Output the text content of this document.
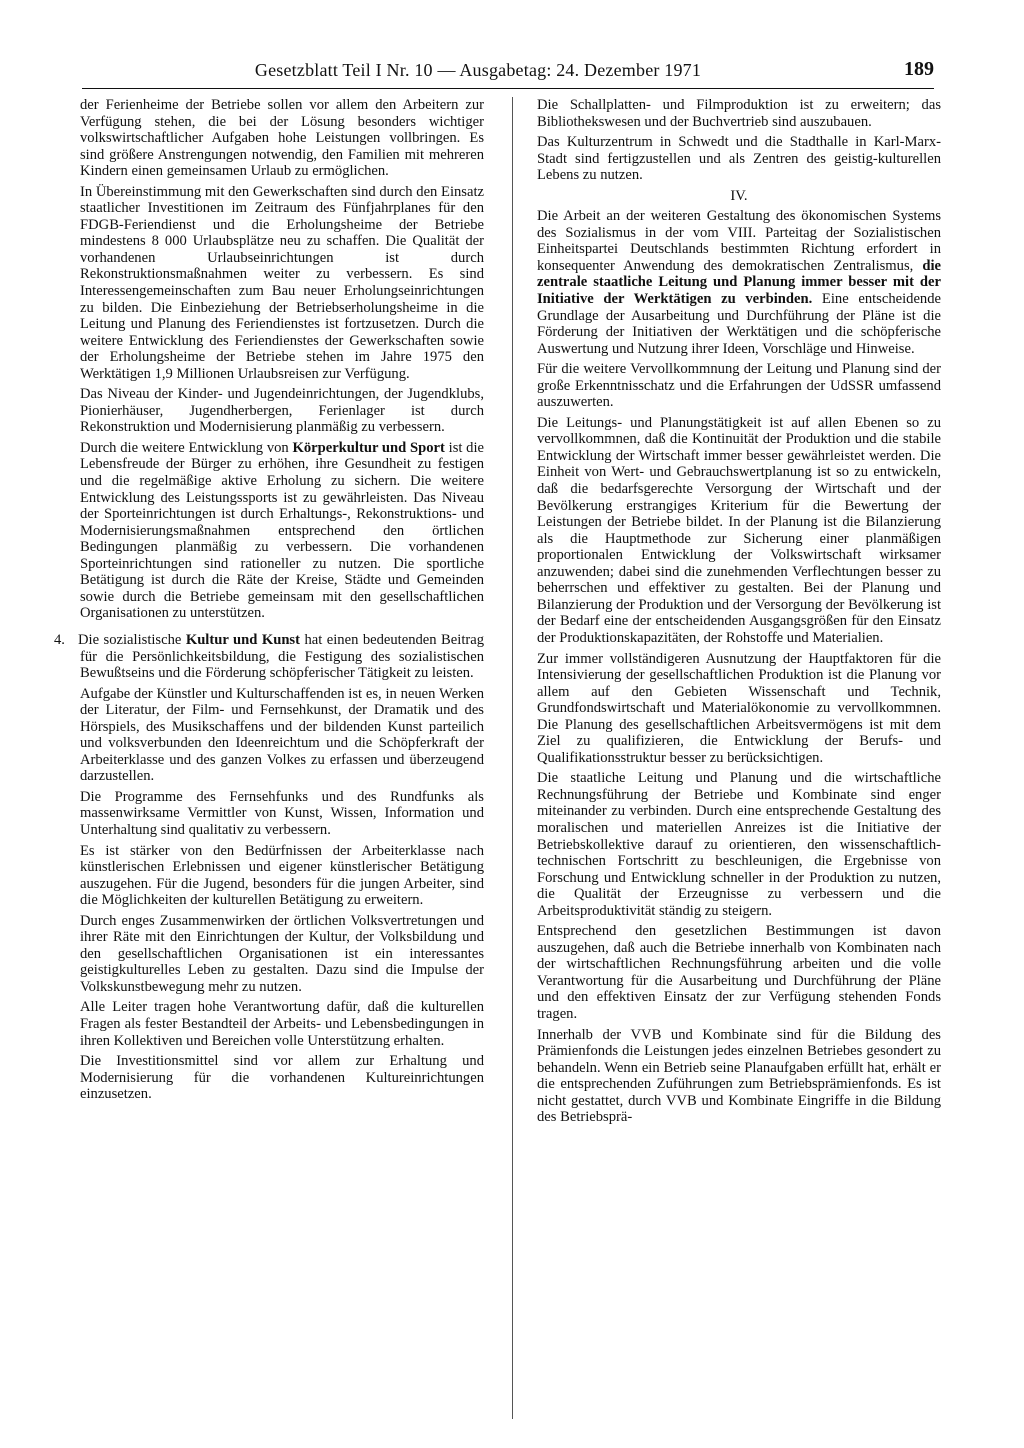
Gesetzblatt Teil I Nr. 10 — Ausgabetag: 24. Dezember 1971	189

der Ferienheime der Betriebe sollen vor allem den Arbeitern zur Verfügung stehen, die bei der Lösung besonders wichtiger volkswirtschaftlicher Aufgaben hohe Leistungen vollbringen. Es sind größere Anstrengungen notwendig, den Familien mit mehreren Kindern einen gemeinsamen Urlaub zu ermöglichen.

In Übereinstimmung mit den Gewerkschaften sind durch den Einsatz staatlicher Investitionen im Zeitraum des Fünfjahrplanes für den FDGB-Feriendienst und die Erholungsheime der Betriebe mindestens 8 000 Urlaubsplätze neu zu schaffen. Die Qualität der vorhandenen Urlaubseinrichtungen ist durch Rekonstruktionsmaßnahmen weiter zu verbessern. Es sind Interessengemeinschaften zum Bau neuer Erholungseinrichtungen zu bilden. Die Einbeziehung der Betriebserholungsheime in die Leitung und Planung des Feriendienstes ist fortzusetzen. Durch die weitere Entwicklung des Feriendienstes der Gewerkschaften sowie der Erholungsheime der Betriebe stehen im Jahre 1975 den Werktätigen 1,9 Millionen Urlaubsreisen zur Verfügung.

Das Niveau der Kinder- und Jugendeinrichtungen, der Jugendklubs, Pionierhäuser, Jugendherbergen, Ferienlager ist durch Rekonstruktion und Modernisierung planmäßig zu verbessern.

Durch die weitere Entwicklung von Körperkultur und Sport ist die Lebensfreude der Bürger zu erhöhen, ihre Gesundheit zu festigen und die regelmäßige aktive Erholung zu sichern. Die weitere Entwicklung des Leistungssports ist zu gewährleisten. Das Niveau der Sporteinrichtungen ist durch Erhaltungs-, Rekonstruktions- und Modernisierungsmaßnahmen entsprechend den örtlichen Bedingungen planmäßig zu verbessern. Die vorhandenen Sporteinrichtungen sind rationeller zu nutzen. Die sportliche Betätigung ist durch die Räte der Kreise, Städte und Gemeinden sowie durch die Betriebe gemeinsam mit den gesellschaftlichen Organisationen zu unterstützen.

4. Die sozialistische Kultur und Kunst hat einen bedeutenden Beitrag für die Persönlichkeitsbildung, die Festigung des sozialistischen Bewußtseins und die Förderung schöpferischer Tätigkeit zu leisten.

Aufgabe der Künstler und Kulturschaffenden ist es, in neuen Werken der Literatur, der Film- und Fernsehkunst, der Dramatik und des Hörspiels, des Musikschaffens und der bildenden Kunst parteilich und volksverbunden den Ideenreichtum und die Schöpferkraft der Arbeiterklasse und des ganzen Volkes zu erfassen und überzeugend darzustellen.

Die Programme des Fernsehfunks und des Rundfunks als massenwirksame Vermittler von Kunst, Wissen, Information und Unterhaltung sind qualitativ zu verbessern.

Es ist stärker von den Bedürfnissen der Arbeiterklasse nach künstlerischen Erlebnissen und eigener künstlerischer Betätigung auszugehen. Für die Jugend, besonders für die jungen Arbeiter, sind die Möglichkeiten der kulturellen Betätigung zu erweitern.

Durch enges Zusammenwirken der örtlichen Volksvertretungen und ihrer Räte mit den Einrichtungen der Kultur, der Volksbildung und den gesellschaftlichen Organisationen ist ein interessantes geistigkulturelles Leben zu gestalten. Dazu sind die Impulse der Volkskunstbewegung mehr zu nutzen.

Alle Leiter tragen hohe Verantwortung dafür, daß die kulturellen Fragen als fester Bestandteil der Arbeits- und Lebensbedingungen in ihren Kollektiven und Bereichen volle Unterstützung erhalten.

Die Investitionsmittel sind vor allem zur Erhaltung und Modernisierung für die vorhandenen Kultureinrichtungen einzusetzen.

Die Schallplatten- und Filmproduktion ist zu erweitern; das Bibliothekswesen und der Buchvertrieb sind auszubauen.

Das Kulturzentrum in Schwedt und die Stadthalle in Karl-Marx-Stadt sind fertigzustellen und als Zentren des geistig-kulturellen Lebens zu nutzen.

IV.

Die Arbeit an der weiteren Gestaltung des ökonomischen Systems des Sozialismus in der vom VIII. Parteitag der Sozialistischen Einheitspartei Deutschlands bestimmten Richtung erfordert in konsequenter Anwendung des demokratischen Zentralismus, die zentrale staatliche Leitung und Planung immer besser mit der Initiative der Werktätigen zu verbinden. Eine entscheidende Grundlage der Ausarbeitung und Durchführung der Pläne ist die Förderung der Initiativen der Werktätigen und die schöpferische Auswertung und Nutzung ihrer Ideen, Vorschläge und Hinweise.

Für die weitere Vervollkommnung der Leitung und Planung sind der große Erkenntnisschatz und die Erfahrungen der UdSSR umfassend auszuwerten.

Die Leitungs- und Planungstätigkeit ist auf allen Ebenen so zu vervollkommnen, daß die Kontinuität der Produktion und die stabile Entwicklung der Wirtschaft immer besser gewährleistet werden. Die Einheit von Wert- und Gebrauchswertplanung ist so zu entwickeln, daß die bedarfsgerechte Versorgung der Wirtschaft und der Bevölkerung erstrangiges Kriterium für die Bewertung der Leistungen der Betriebe bildet. In der Planung ist die Bilanzierung als die Hauptmethode zur Sicherung einer planmäßigen proportionalen Entwicklung der Volkswirtschaft wirksamer anzuwenden; dabei sind die zunehmenden Verflechtungen besser zu beherrschen und effektiver zu gestalten. Bei der Planung und Bilanzierung der Produktion und der Versorgung der Bevölkerung ist der Bedarf eine der entscheidenden Ausgangsgrößen für den Einsatz der Produktionskapazitäten, der Rohstoffe und Materialien.

Zur immer vollständigeren Ausnutzung der Hauptfaktoren für die Intensivierung der gesellschaftlichen Produktion ist die Planung vor allem auf den Gebieten Wissenschaft und Technik, Grundfondswirtschaft und Materialökonomie zu vervollkommnen. Die Planung des gesellschaftlichen Arbeitsvermögens ist mit dem Ziel zu qualifizieren, die Entwicklung der Berufs- und Qualifikationsstruktur besser zu berücksichtigen.

Die staatliche Leitung und Planung und die wirtschaftliche Rechnungsführung der Betriebe und Kombinate sind enger miteinander zu verbinden. Durch eine entsprechende Gestaltung des moralischen und materiellen Anreizes ist die Initiative der Betriebskollektive darauf zu orientieren, den wissenschaftlich-technischen Fortschritt zu beschleunigen, die Ergebnisse von Forschung und Entwicklung schneller in der Produktion zu nutzen, die Qualität der Erzeugnisse zu verbessern und die Arbeitsproduktivität ständig zu steigern.

Entsprechend den gesetzlichen Bestimmungen ist davon auszugehen, daß auch die Betriebe innerhalb von Kombinaten nach der wirtschaftlichen Rechnungsführung arbeiten und die volle Verantwortung für die Ausarbeitung und Durchführung der Pläne und den effektiven Einsatz der zur Verfügung stehenden Fonds tragen.

Innerhalb der VVB und Kombinate sind für die Bildung des Prämienfonds die Leistungen jedes einzelnen Betriebes gesondert zu behandeln. Wenn ein Betrieb seine Planaufgaben erfüllt hat, erhält er die entsprechenden Zuführungen zum Betriebsprämienfonds. Es ist nicht gestattet, durch VVB und Kombinate Eingriffe in die Bildung des Betriebsprä-
